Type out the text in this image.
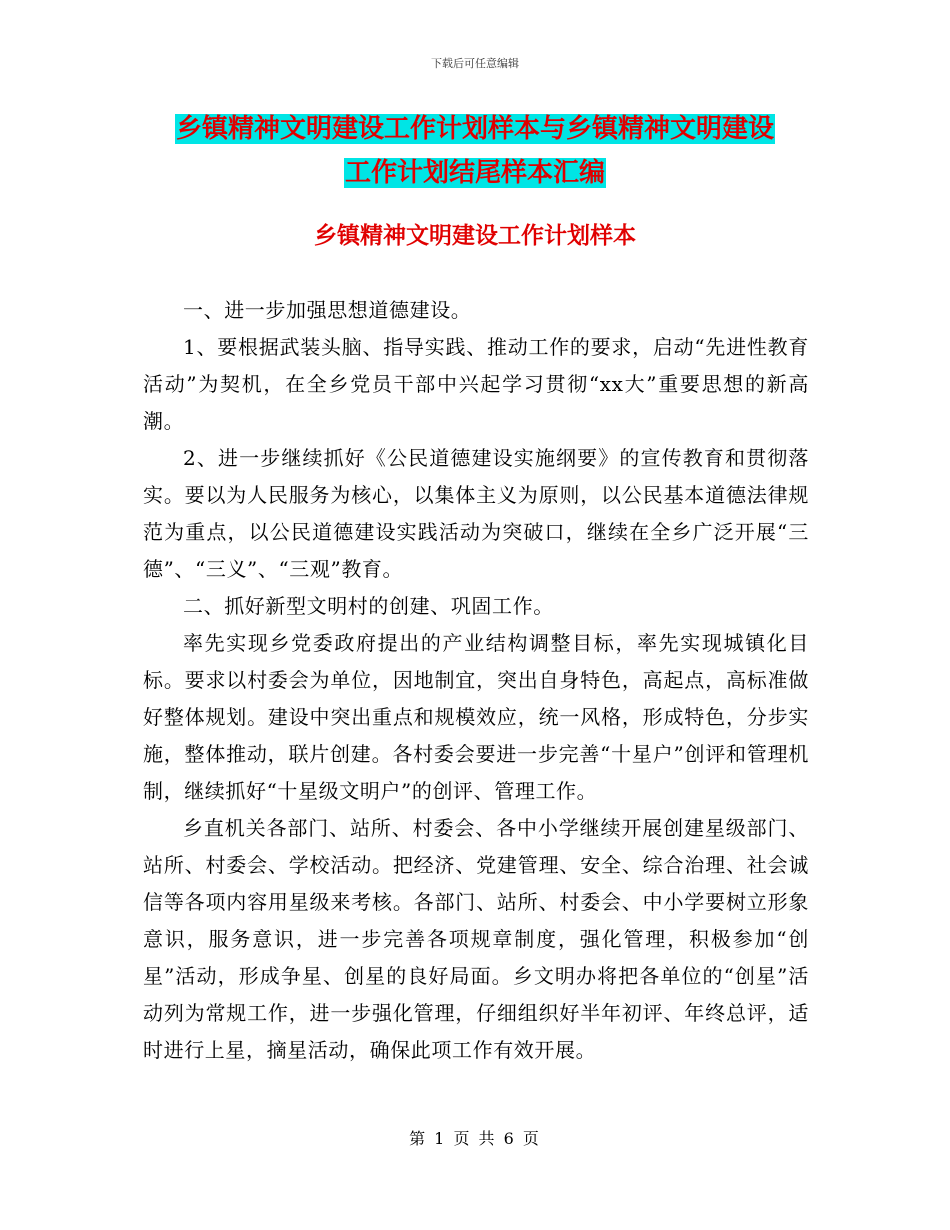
下载后可任意编辑
乡镇精神文明建设工作计划样本与乡镇精神文明建设
工作计划结尾样本汇编
乡镇精神文明建设工作计划样本

一、进一步加强思想道德建设。

1、要根据武装头脑、指导实践、推动工作的要求，启动“先进性教育活动”为契机，在全乡党员干部中兴起学习贯彻“xx大”重要思想的新高潮。

2、进一步继续抓好《公民道德建设实施纲要》的宣传教育和贯彻落实。要以为人民服务为核心，以集体主义为原则，以公民基本道德法律规范为重点，以公民道德建设实践活动为突破口，继续在全乡广泛开展“三德”、“三义”、“三观”教育。

二、抓好新型文明村的创建、巩固工作。

率先实现乡党委政府提出的产业结构调整目标，率先实现城镇化目标。要求以村委会为单位，因地制宜，突出自身特色，高起点，高标准做好整体规划。建设中突出重点和规模效应，统一风格，形成特色，分步实施，整体推动，联片创建。各村委会要进一步完善“十星户”创评和管理机制，继续抓好“十星级文明户”的创评、管理工作。

乡直机关各部门、站所、村委会、各中小学继续开展创建星级部门、站所、村委会、学校活动。把经济、党建管理、安全、综合治理、社会诚信等各项内容用星级来考核。各部门、站所、村委会、中小学要树立形象意识，服务意识，进一步完善各项规章制度，强化管理，积极参加“创星”活动，形成争星、创星的良好局面。乡文明办将把各单位的“创星”活动列为常规工作，进一步强化管理，仔细组织好半年初评、年终总评，适时进行上星，摘星活动，确保此项工作有效开展。

第 1 页 共 6 页
